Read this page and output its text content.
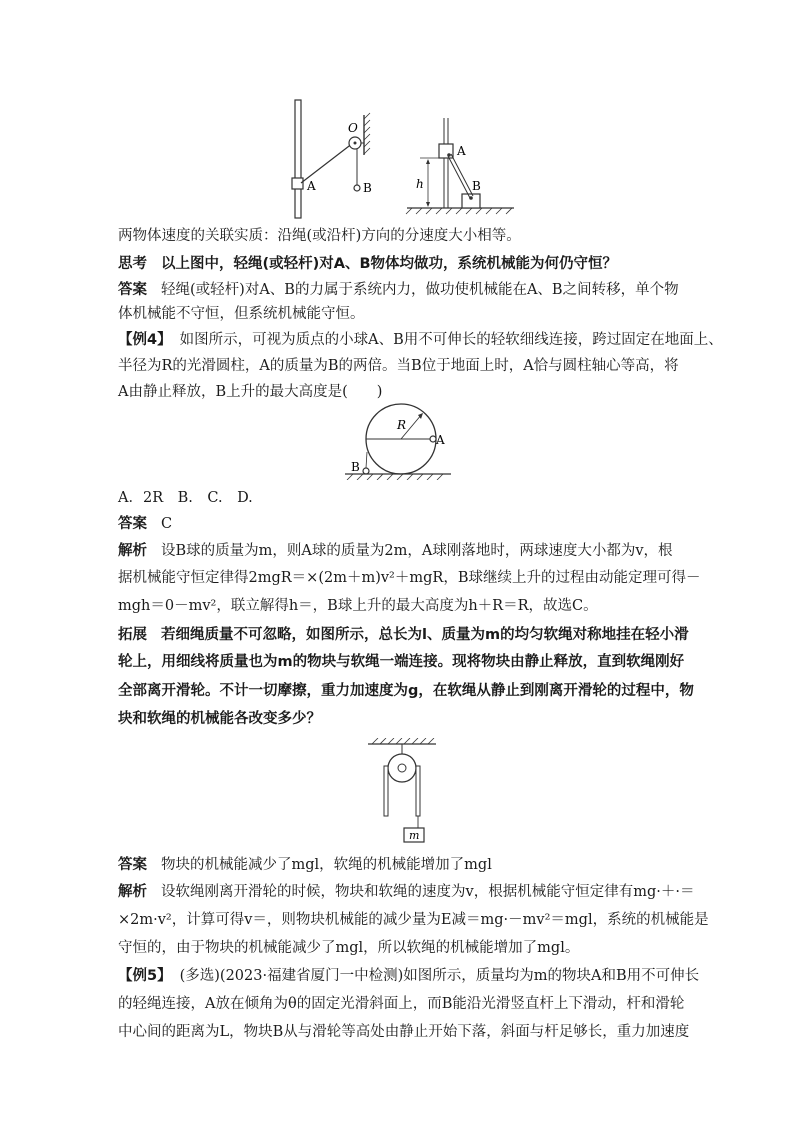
O
A	B
A
B
h
两物体速度的关联实质：沿绳(或沿杆)方向的分速度大小相等。
思考 以上图中，轻绳(或轻杆)对A、B物体均做功，系统机械能为何仍守恒？
答案 轻绳(或轻杆)对A、B的力属于系统内力，做功使机械能在A、B之间转移，单个物
体机械能不守恒，但系统机械能守恒。
【例4】 如图所示，可视为质点的小球A、B用不可伸长的轻软细线连接，跨过固定在地面上、
半径为R的光滑圆柱，A的质量为B的两倍。当B位于地面上时，A恰与圆柱轴心等高，将
A由静止释放，B上升的最大高度是(　　)
R
A
B
A．2R　B.　C.　D.
答案 C
解析 设B球的质量为m，则A球的质量为2m，A球刚落地时，两球速度大小都为v，根
据机械能守恒定律得2mgR＝×(2m＋m)v²＋mgR，B球继续上升的过程由动能定理可得－
mgh＝0－mv²，联立解得h＝，B球上升的最大高度为h＋R＝R，故选C。
拓展 若细绳质量不可忽略，如图所示，总长为l、质量为m的均匀软绳对称地挂在轻小滑
轮上，用细线将质量也为m的物块与软绳一端连接。现将物块由静止释放，直到软绳刚好
全部离开滑轮。不计一切摩擦，重力加速度为g，在软绳从静止到刚离开滑轮的过程中，物
块和软绳的机械能各改变多少？
m
答案 物块的机械能减少了mgl，软绳的机械能增加了mgl
解析 设软绳刚离开滑轮的时候，物块和软绳的速度为v，根据机械能守恒定律有mg·＋·＝
×2m·v²，计算可得v＝，则物块机械能的减少量为E减＝mg·－mv²＝mgl，系统的机械能是
守恒的，由于物块的机械能减少了mgl，所以软绳的机械能增加了mgl。
【例5】 (多选)(2023·福建省厦门一中检测)如图所示，质量均为m的物块A和B用不可伸长
的轻绳连接，A放在倾角为θ的固定光滑斜面上，而B能沿光滑竖直杆上下滑动，杆和滑轮
中心间的距离为L，物块B从与滑轮等高处由静止开始下落，斜面与杆足够长，重力加速度
